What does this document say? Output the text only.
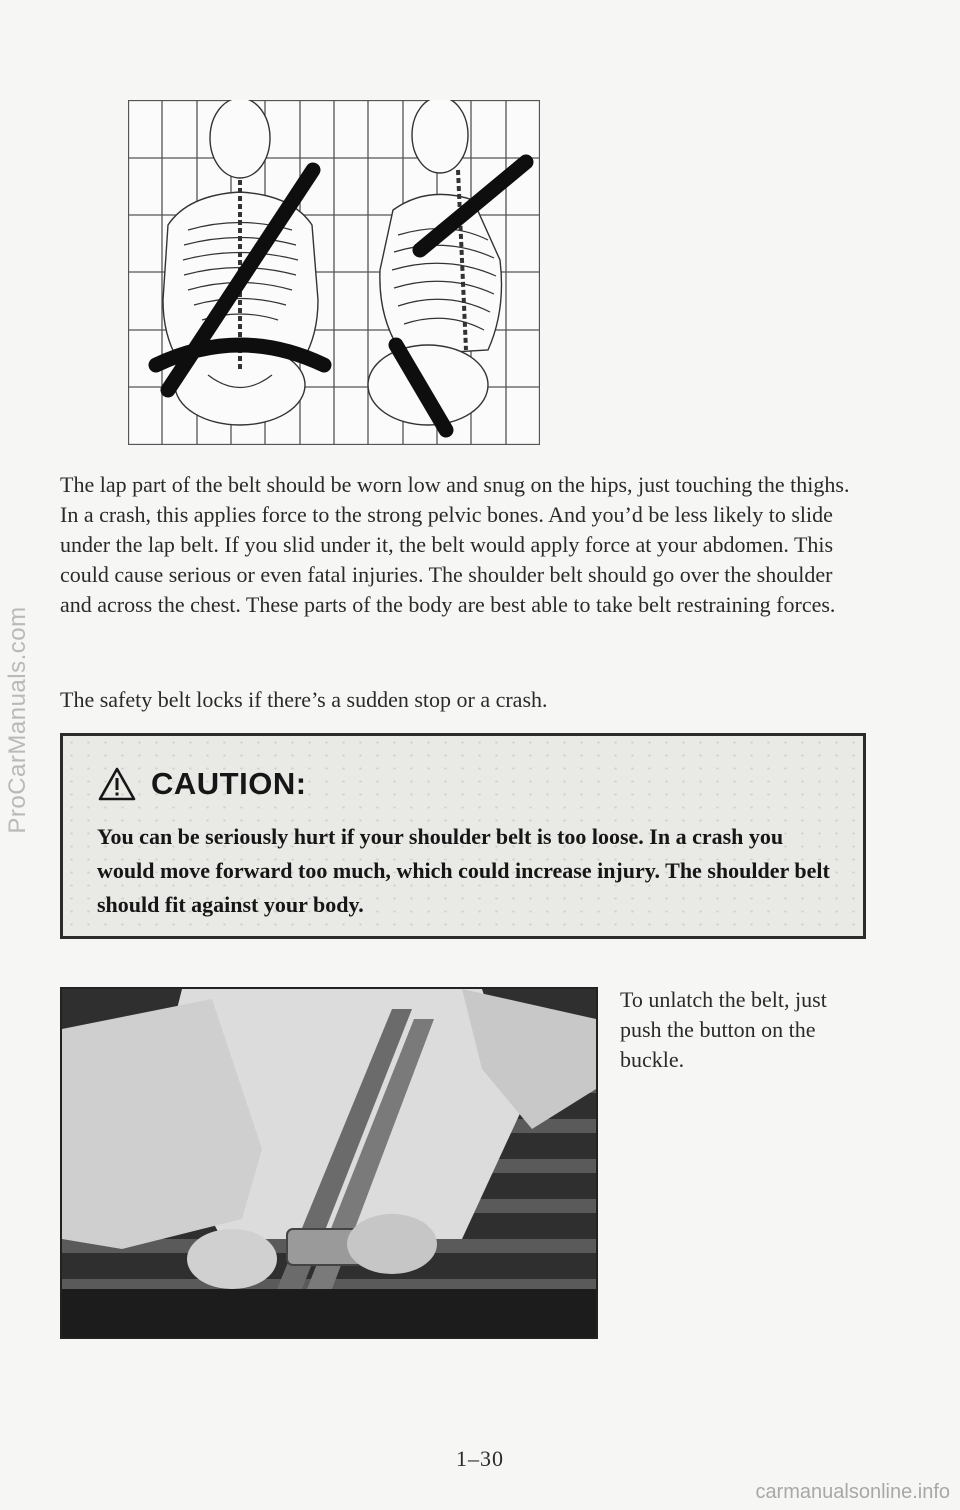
ProCarManuals.com
The lap part of the belt should be worn low and snug on the hips, just touching the thighs. In a crash, this applies force to the strong pelvic bones. And you’d be less likely to slide under the lap belt. If you slid under it, the belt would apply force at your abdomen. This could cause serious or even fatal injuries. The shoulder belt should go over the shoulder and across the chest. These parts of the body are best able to take belt restraining forces.
The safety belt locks if there’s a sudden stop or a crash.
CAUTION:
You can be seriously hurt if your shoulder belt is too loose. In a crash you would move forward too much, which could increase injury. The shoulder belt should fit against your body.
To unlatch the belt, just push the button on the buckle.
1–30
carmanualsonline.info
